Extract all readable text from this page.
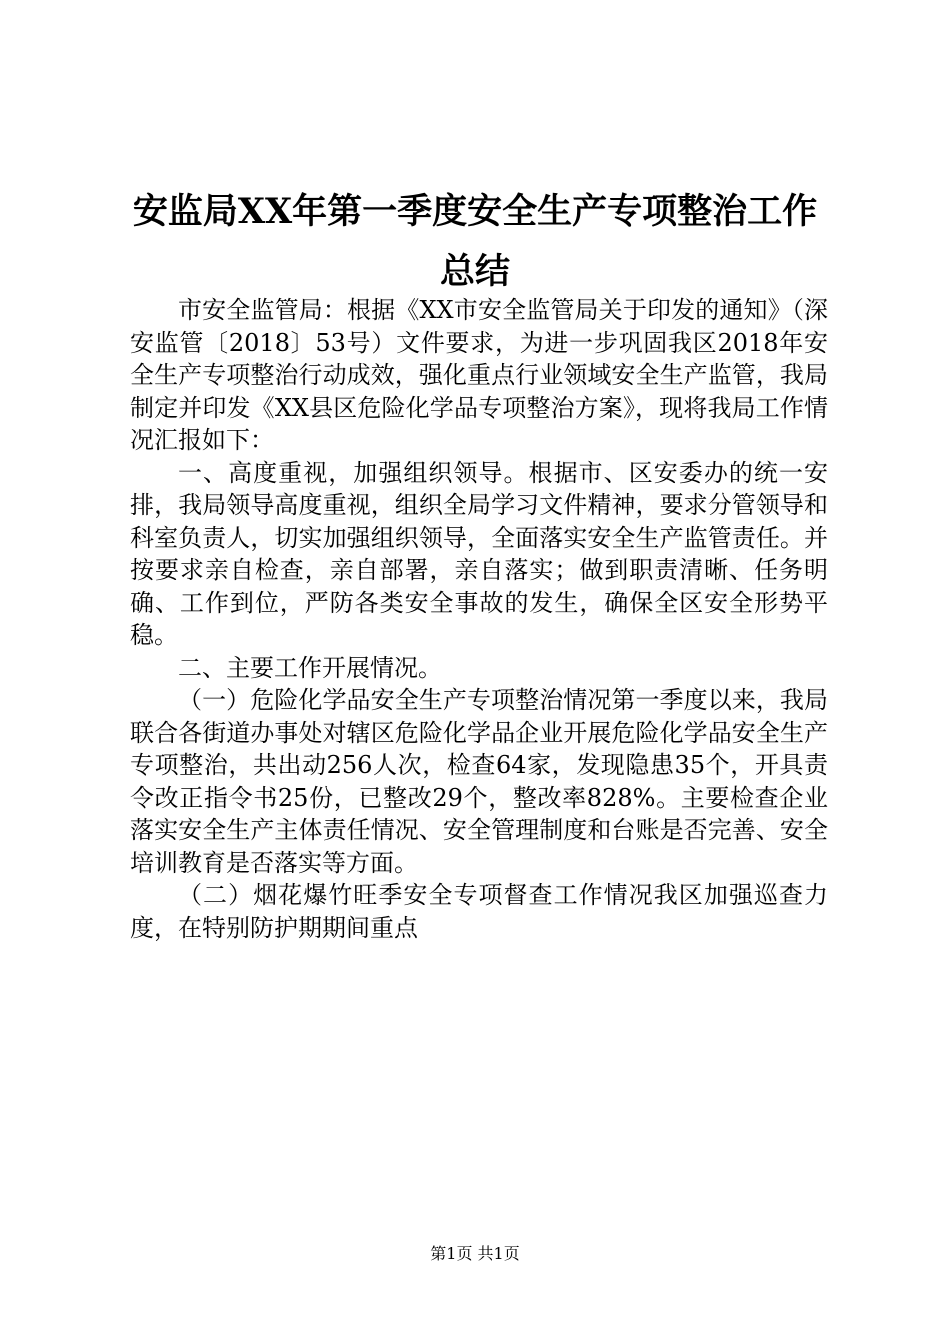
安监局XX年第一季度安全生产专项整治工作
总结

市安全监管局：根据《XX市安全监管局关于印发的通知》（深安监管〔2018〕53号）文件要求，为进一步巩固我区2018年安全生产专项整治行动成效，强化重点行业领域安全生产监管，我局制定并印发《XX县区危险化学品专项整治方案》，现将我局工作情况汇报如下：

一、高度重视，加强组织领导。根据市、区安委办的统一安排，我局领导高度重视，组织全局学习文件精神，要求分管领导和科室负责人，切实加强组织领导，全面落实安全生产监管责任。并按要求亲自检查，亲自部署，亲自落实；做到职责清晰、任务明确、工作到位，严防各类安全事故的发生，确保全区安全形势平稳。

二、主要工作开展情况。

（一）危险化学品安全生产专项整治情况第一季度以来，我局联合各街道办事处对辖区危险化学品企业开展危险化学品安全生产专项整治，共出动256人次，检查64家，发现隐患35个，开具责令改正指令书25份，已整改29个，整改率828%。主要检查企业落实安全生产主体责任情况、安全管理制度和台账是否完善、安全培训教育是否落实等方面。

（二）烟花爆竹旺季安全专项督查工作情况我区加强巡查力度，在特别防护期期间重点

第1页 共1页
